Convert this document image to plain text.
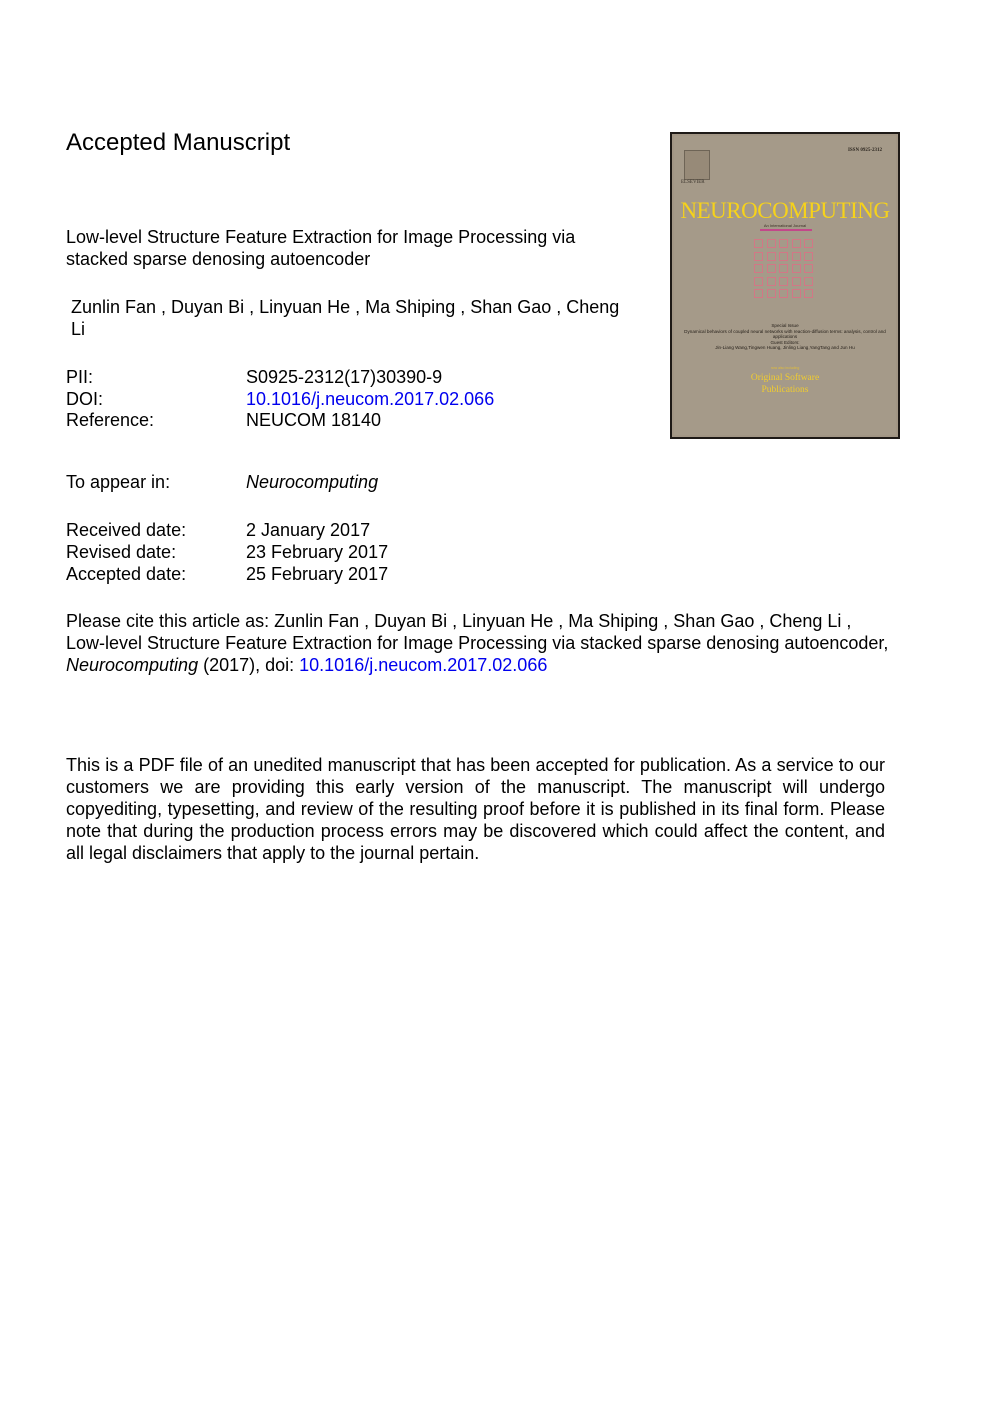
Accepted Manuscript
Low-level Structure Feature Extraction for Image Processing via stacked sparse denosing autoencoder
Zunlin Fan , Duyan Bi , Linyuan He , Ma Shiping , Shan Gao , Cheng Li
PII:	S0925-2312(17)30390-9
DOI:	10.1016/j.neucom.2017.02.066
Reference:	NEUCOM 18140
To appear in:	Neurocomputing
Received date:	2 January 2017
Revised date:	23 February 2017
Accepted date:	25 February 2017
Please cite this article as: Zunlin Fan , Duyan Bi , Linyuan He , Ma Shiping , Shan Gao , Cheng Li ,
Low-level Structure Feature Extraction for Image Processing via stacked sparse denosing autoencoder,
Neurocomputing (2017), doi: 10.1016/j.neucom.2017.02.066
This is a PDF file of an unedited manuscript that has been accepted for publication. As a service to our customers we are providing this early version of the manuscript. The manuscript will undergo copyediting, typesetting, and review of the resulting proof before it is published in its final form. Please note that during the production process errors may be discovered which could affect the content, and all legal disclaimers that apply to the journal pertain.
ELSEVIER
ISSN 0925-2312
NEUROCOMPUTING
An International Journal
Special Issue
Dynamical behaviors of coupled neural networks with reaction-diffusion terms: analysis, control and applications
Guest Editors:
Jin-Liang Wang,Tingwen Huang, Jinling Liang,YangTang and Jun Hu
now also including
Original Software
Publications
